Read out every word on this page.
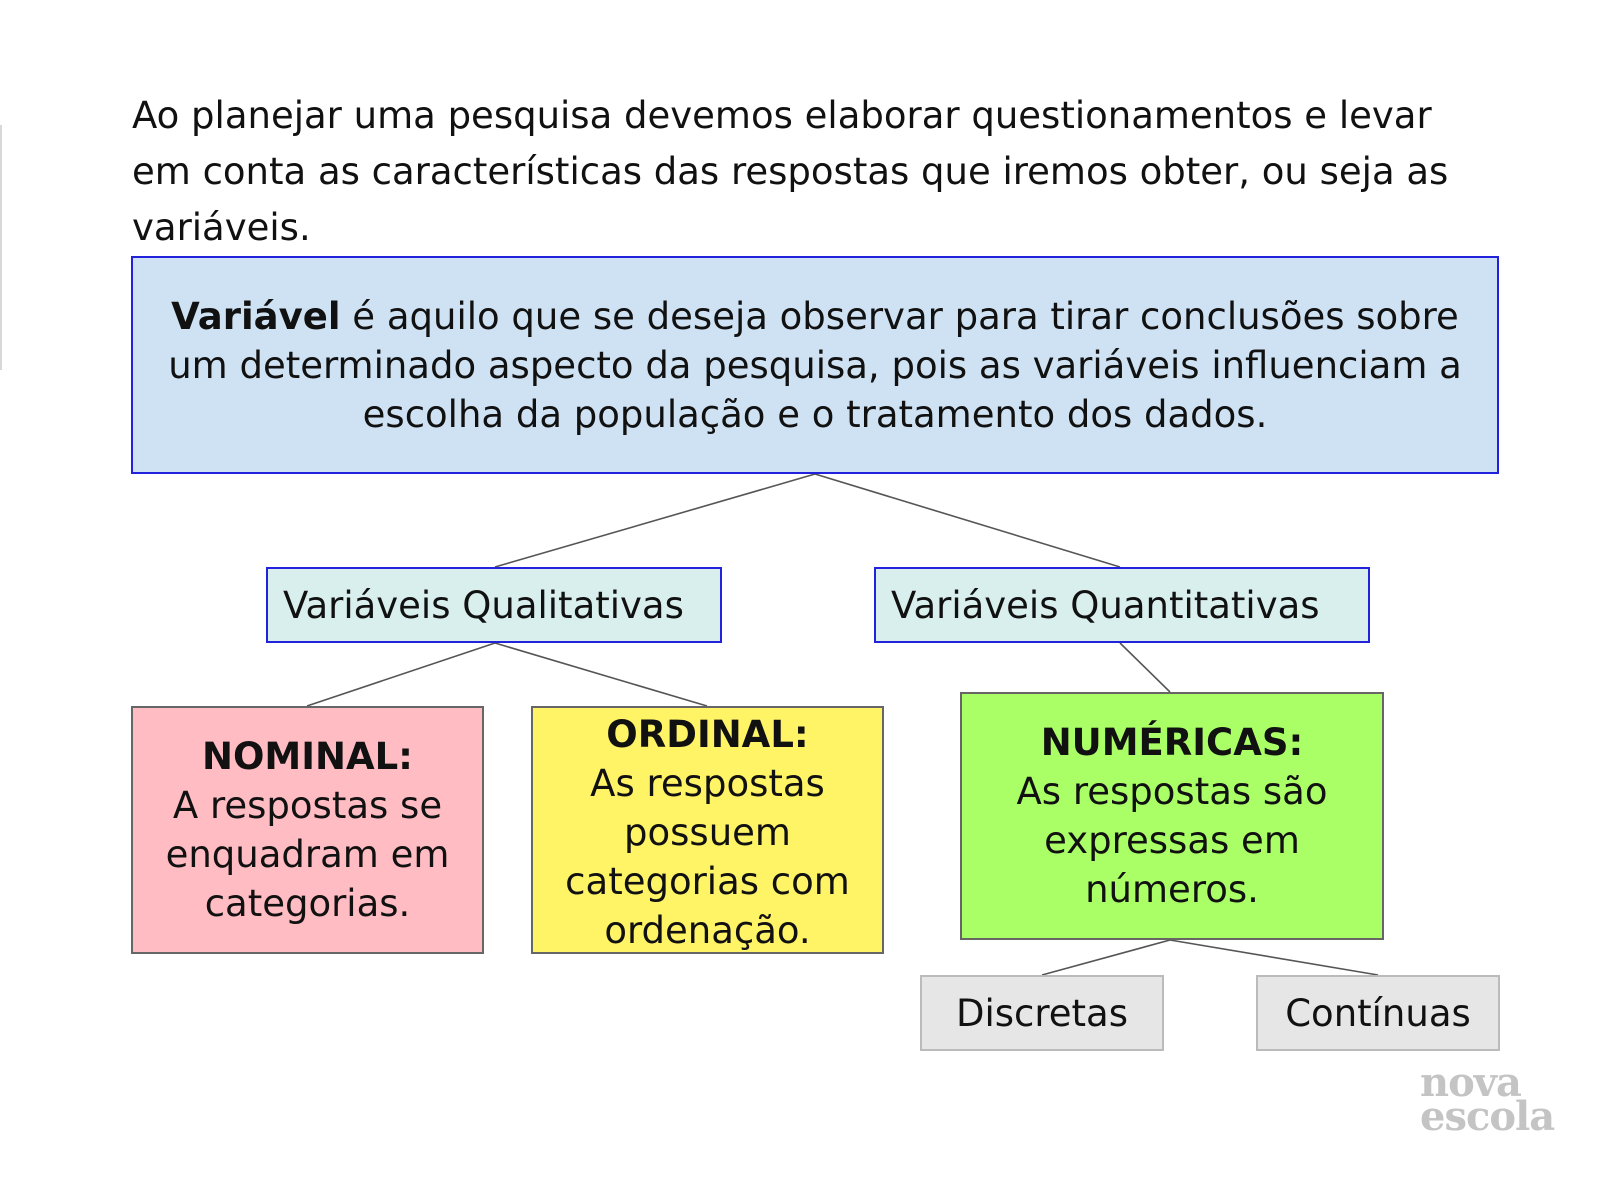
Ao planejar uma pesquisa devemos elaborar questionamentos e levar em conta as características das respostas que iremos obter, ou seja as variáveis.

Variável é aquilo que se deseja observar para tirar conclusões sobre um determinado aspecto da pesquisa, pois as variáveis influenciam a escolha da população e o tratamento dos dados.
Variáveis Qualitativas	Variáveis Quantitativas
NOMINAL:
A respostas se enquadram em categorias.
ORDINAL:
As respostas possuem categorias com ordenação.
NUMÉRICAS:
As respostas são expressas em números.
Discretas	Contínuas
nova
escola
